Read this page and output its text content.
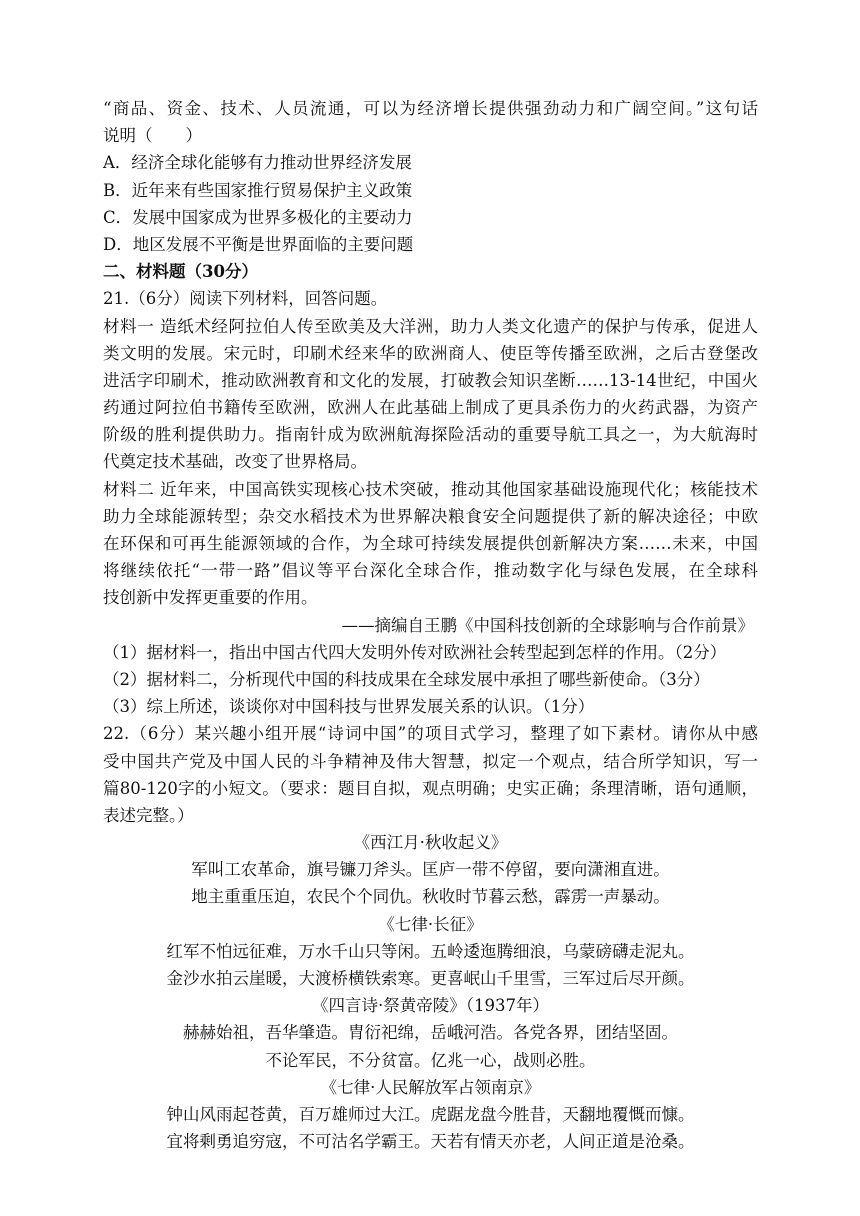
“商品、资金、技术、人员流通，可以为经济增长提供强劲动力和广阔空间。”这句话
说明（　　）
A．经济全球化能够有力推动世界经济发展
B．近年来有些国家推行贸易保护主义政策
C．发展中国家成为世界多极化的主要动力
D．地区发展不平衡是世界面临的主要问题
二、材料题（30分）
21.（6分）阅读下列材料，回答问题。
材料一 造纸术经阿拉伯人传至欧美及大洋洲，助力人类文化遗产的保护与传承，促进人
类文明的发展。宋元时，印刷术经来华的欧洲商人、使臣等传播至欧洲，之后古登堡改
进活字印刷术，推动欧洲教育和文化的发展，打破教会知识垄断……13-14世纪，中国火
药通过阿拉伯书籍传至欧洲，欧洲人在此基础上制成了更具杀伤力的火药武器，为资产
阶级的胜利提供助力。指南针成为欧洲航海探险活动的重要导航工具之一，为大航海时
代奠定技术基础，改变了世界格局。
材料二 近年来，中国高铁实现核心技术突破，推动其他国家基础设施现代化；核能技术
助力全球能源转型；杂交水稻技术为世界解决粮食安全问题提供了新的解决途径；中欧
在环保和可再生能源领域的合作，为全球可持续发展提供创新解决方案……未来，中国
将继续依托“一带一路”倡议等平台深化全球合作，推动数字化与绿色发展，在全球科
技创新中发挥更重要的作用。
——摘编自王鹏《中国科技创新的全球影响与合作前景》
（1）据材料一，指出中国古代四大发明外传对欧洲社会转型起到怎样的作用。（2分）
（2）据材料二，分析现代中国的科技成果在全球发展中承担了哪些新使命。（3分）
（3）综上所述，谈谈你对中国科技与世界发展关系的认识。（1分）
22.（6分）某兴趣小组开展“诗词中国”的项目式学习，整理了如下素材。请你从中感
受中国共产党及中国人民的斗争精神及伟大智慧，拟定一个观点，结合所学知识，写一
篇80-120字的小短文。（要求：题目自拟，观点明确；史实正确；条理清晰，语句通顺，
表述完整。）
《西江月·秋收起义》
军叫工农革命，旗号镰刀斧头。匡庐一带不停留，要向潇湘直进。
地主重重压迫，农民个个同仇。秋收时节暮云愁，霹雳一声暴动。
《七律·长征》
红军不怕远征难，万水千山只等闲。五岭逶迤腾细浪，乌蒙磅礴走泥丸。
金沙水拍云崖暖，大渡桥横铁索寒。更喜岷山千里雪，三军过后尽开颜。
《四言诗·祭黄帝陵》（1937年）
赫赫始祖，吾华肇造。胄衍祀绵，岳峨河浩。各党各界，团结坚固。
不论军民，不分贫富。亿兆一心，战则必胜。
《七律·人民解放军占领南京》
钟山风雨起苍黄，百万雄师过大江。虎踞龙盘今胜昔，天翻地覆慨而慷。
宜将剩勇追穷寇，不可沽名学霸王。天若有情天亦老，人间正道是沧桑。
